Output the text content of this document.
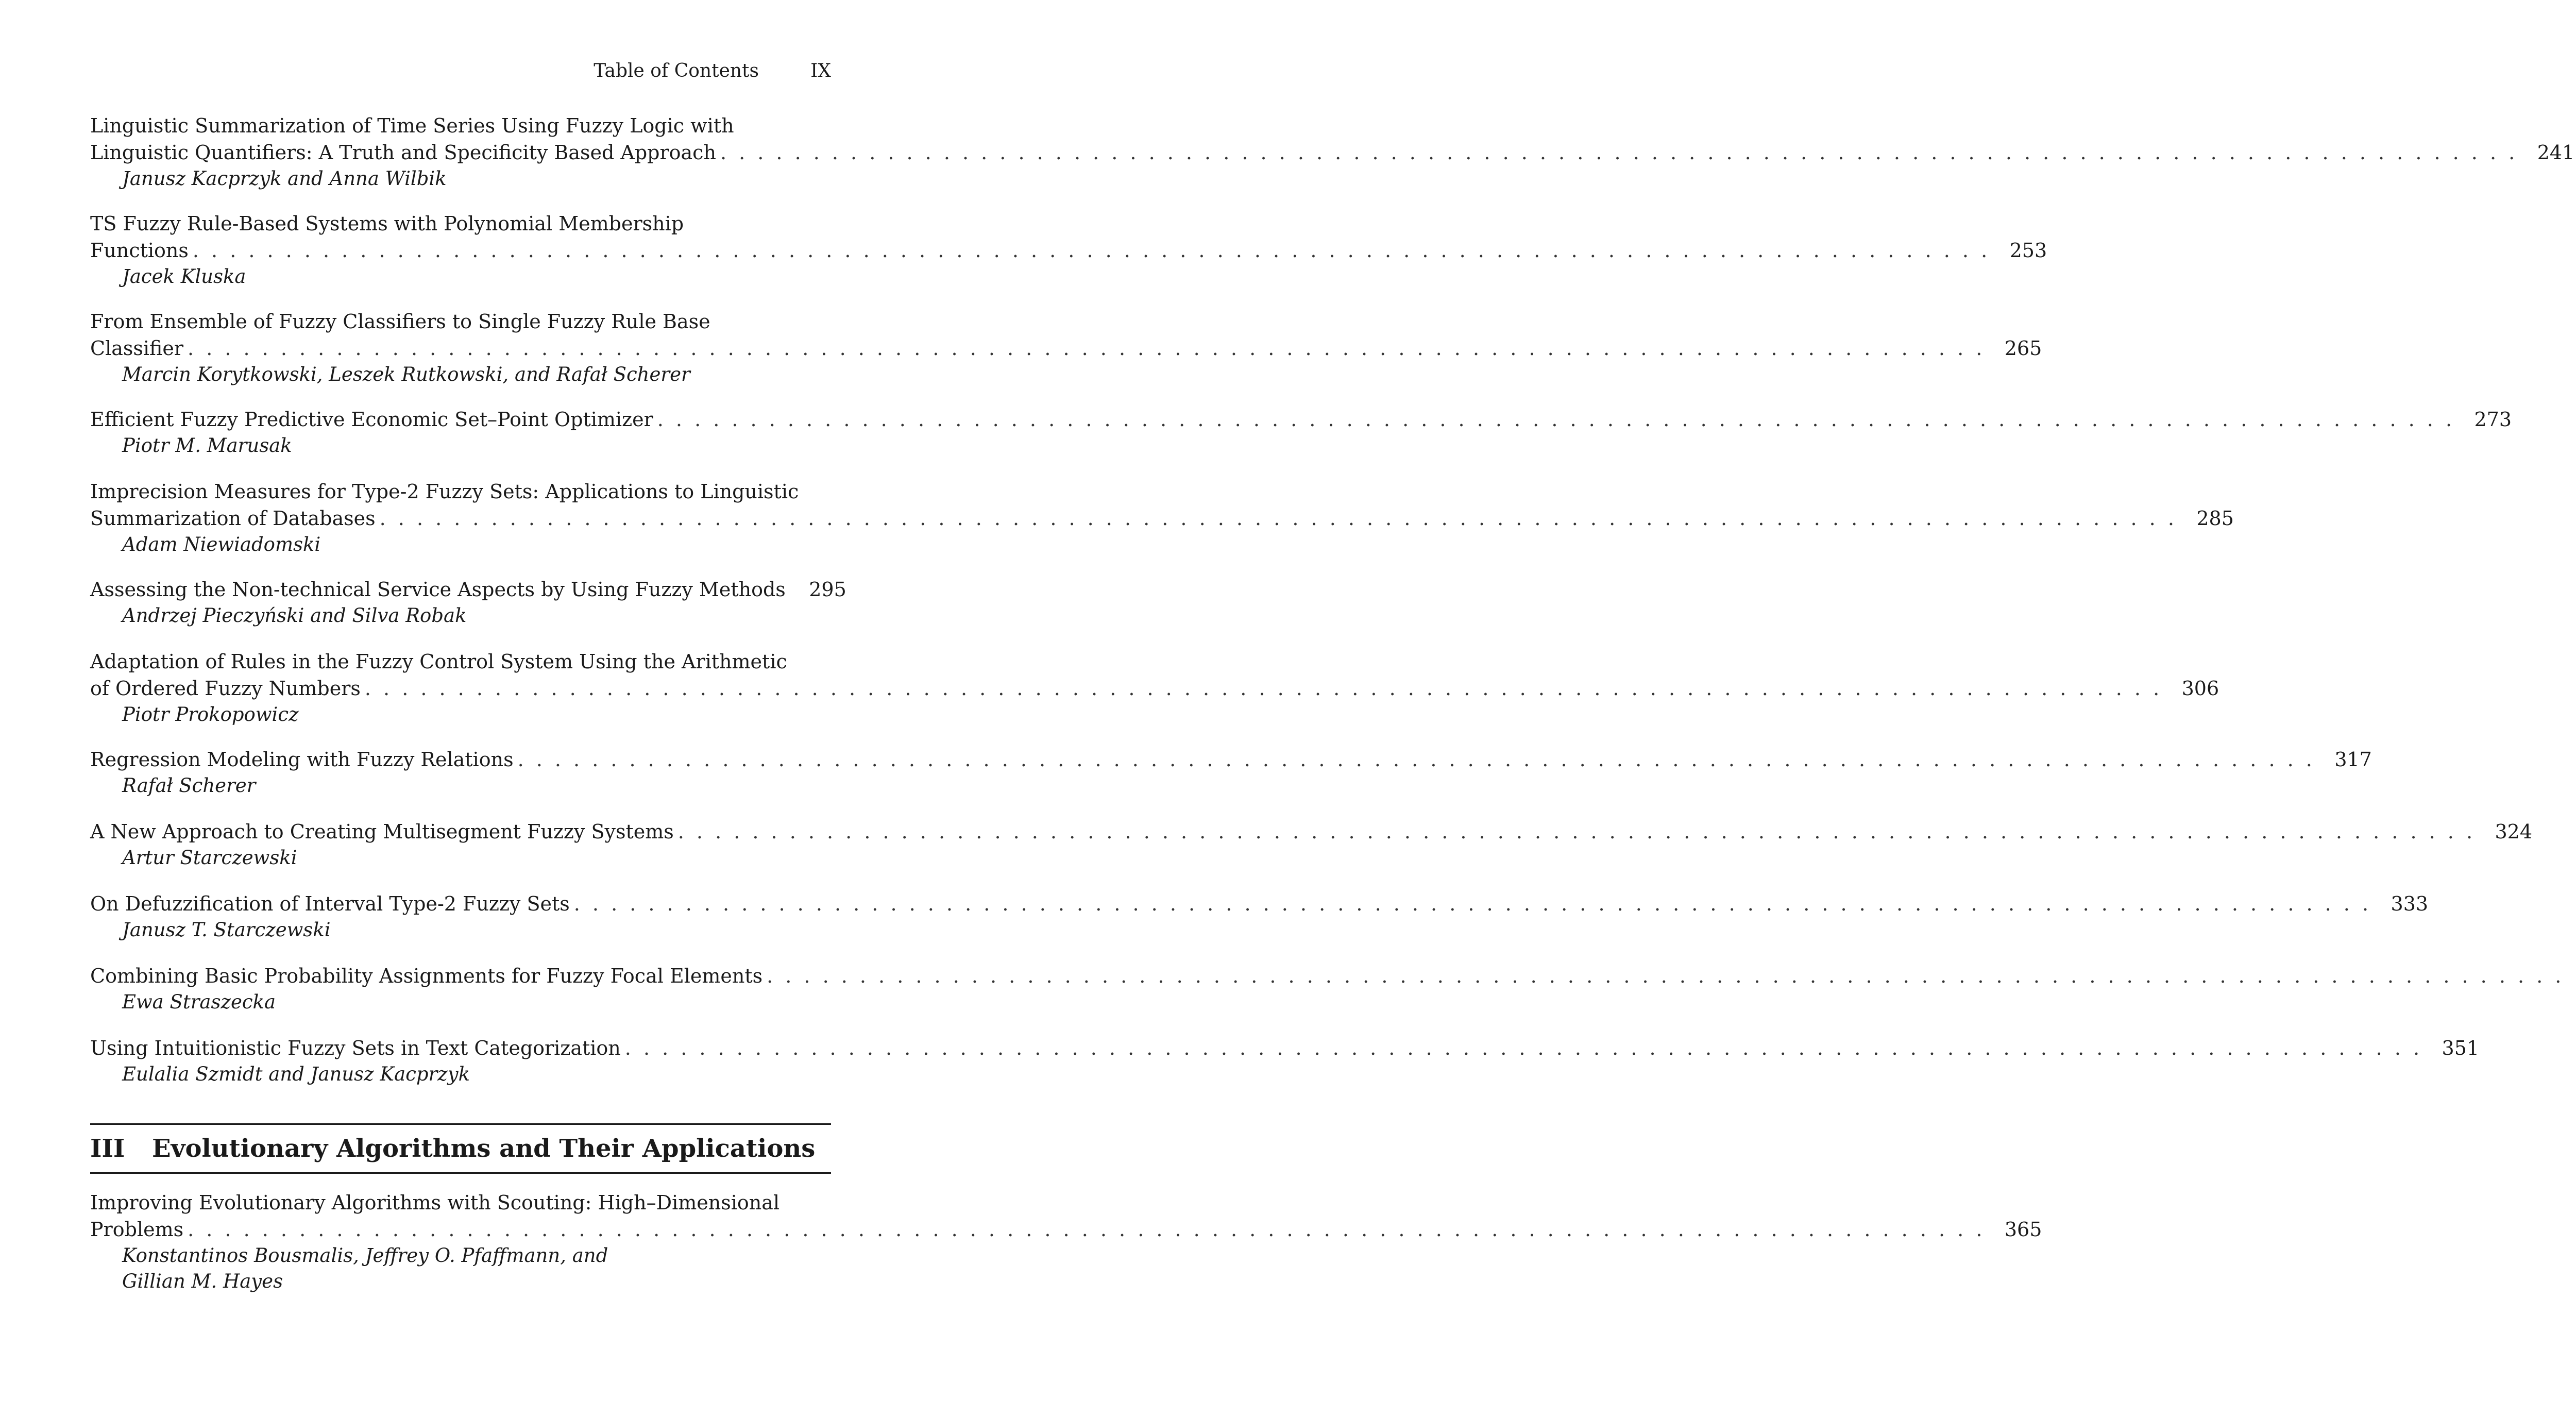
Table of Contents	IX
Linguistic Summarization of Time Series Using Fuzzy Logic with
Linguistic Quantifiers: A Truth and Specificity Based Approach . . . . . . . . . . . . . . . . . . . . . . . . . . . . . . . . . . . . . . . . . . . . . . . . . . . . . . . . . . . . . . . . . . . . . . . . . . . . . . . . . . . . . . . . . . . . . . . . . 241
Janusz Kacprzyk and Anna Wilbik
TS Fuzzy Rule-Based Systems with Polynomial Membership
Functions . . . . . . . . . . . . . . . . . . . . . . . . . . . . . . . . . . . . . . . . . . . . . . . . . . . . . . . . . . . . . . . . . . . . . . . . . . . . . . . . . . . . . . . . . . . . . . . . . 253
Jacek Kluska
From Ensemble of Fuzzy Classifiers to Single Fuzzy Rule Base
Classifier . . . . . . . . . . . . . . . . . . . . . . . . . . . . . . . . . . . . . . . . . . . . . . . . . . . . . . . . . . . . . . . . . . . . . . . . . . . . . . . . . . . . . . . . . . . . . . . . . 265
Marcin Korytkowski, Leszek Rutkowski, and Rafał Scherer
Efficient Fuzzy Predictive Economic Set–Point Optimizer . . . . . . . . . . . . . . . . . . . . . . . . . . . . . . . . . . . . . . . . . . . . . . . . . . . . . . . . . . . . . . . . . . . . . . . . . . . . . . . . . . . . . . . . . . . . . . . . . 273
Piotr M. Marusak
Imprecision Measures for Type-2 Fuzzy Sets: Applications to Linguistic
Summarization of Databases . . . . . . . . . . . . . . . . . . . . . . . . . . . . . . . . . . . . . . . . . . . . . . . . . . . . . . . . . . . . . . . . . . . . . . . . . . . . . . . . . . . . . . . . . . . . . . . . . 285
Adam Niewiadomski
Assessing the Non-technical Service Aspects by Using Fuzzy Methods	295
Andrzej Pieczyński and Silva Robak
Adaptation of Rules in the Fuzzy Control System Using the Arithmetic
of Ordered Fuzzy Numbers . . . . . . . . . . . . . . . . . . . . . . . . . . . . . . . . . . . . . . . . . . . . . . . . . . . . . . . . . . . . . . . . . . . . . . . . . . . . . . . . . . . . . . . . . . . . . . . . . 306
Piotr Prokopowicz
Regression Modeling with Fuzzy Relations . . . . . . . . . . . . . . . . . . . . . . . . . . . . . . . . . . . . . . . . . . . . . . . . . . . . . . . . . . . . . . . . . . . . . . . . . . . . . . . . . . . . . . . . . . . . . . . . . 317
Rafał Scherer
A New Approach to Creating Multisegment Fuzzy Systems . . . . . . . . . . . . . . . . . . . . . . . . . . . . . . . . . . . . . . . . . . . . . . . . . . . . . . . . . . . . . . . . . . . . . . . . . . . . . . . . . . . . . . . . . . . . . . . . . 324
Artur Starczewski
On Defuzzification of Interval Type-2 Fuzzy Sets . . . . . . . . . . . . . . . . . . . . . . . . . . . . . . . . . . . . . . . . . . . . . . . . . . . . . . . . . . . . . . . . . . . . . . . . . . . . . . . . . . . . . . . . . . . . . . . . . 333
Janusz T. Starczewski
Combining Basic Probability Assignments for Fuzzy Focal Elements . . . . . . . . . . . . . . . . . . . . . . . . . . . . . . . . . . . . . . . . . . . . . . . . . . . . . . . . . . . . . . . . . . . . . . . . . . . . . . . . . . . . . . . . . . . . . . . . .
Ewa Straszecka
Using Intuitionistic Fuzzy Sets in Text Categorization . . . . . . . . . . . . . . . . . . . . . . . . . . . . . . . . . . . . . . . . . . . . . . . . . . . . . . . . . . . . . . . . . . . . . . . . . . . . . . . . . . . . . . . . . . . . . . . . . 351
Eulalia Szmidt and Janusz Kacprzyk
III Evolutionary Algorithms and Their Applications
Improving Evolutionary Algorithms with Scouting: High–Dimensional
Problems . . . . . . . . . . . . . . . . . . . . . . . . . . . . . . . . . . . . . . . . . . . . . . . . . . . . . . . . . . . . . . . . . . . . . . . . . . . . . . . . . . . . . . . . . . . . . . . . . 365
Konstantinos Bousmalis, Jeffrey O. Pfaffmann, and
Gillian M. Hayes
